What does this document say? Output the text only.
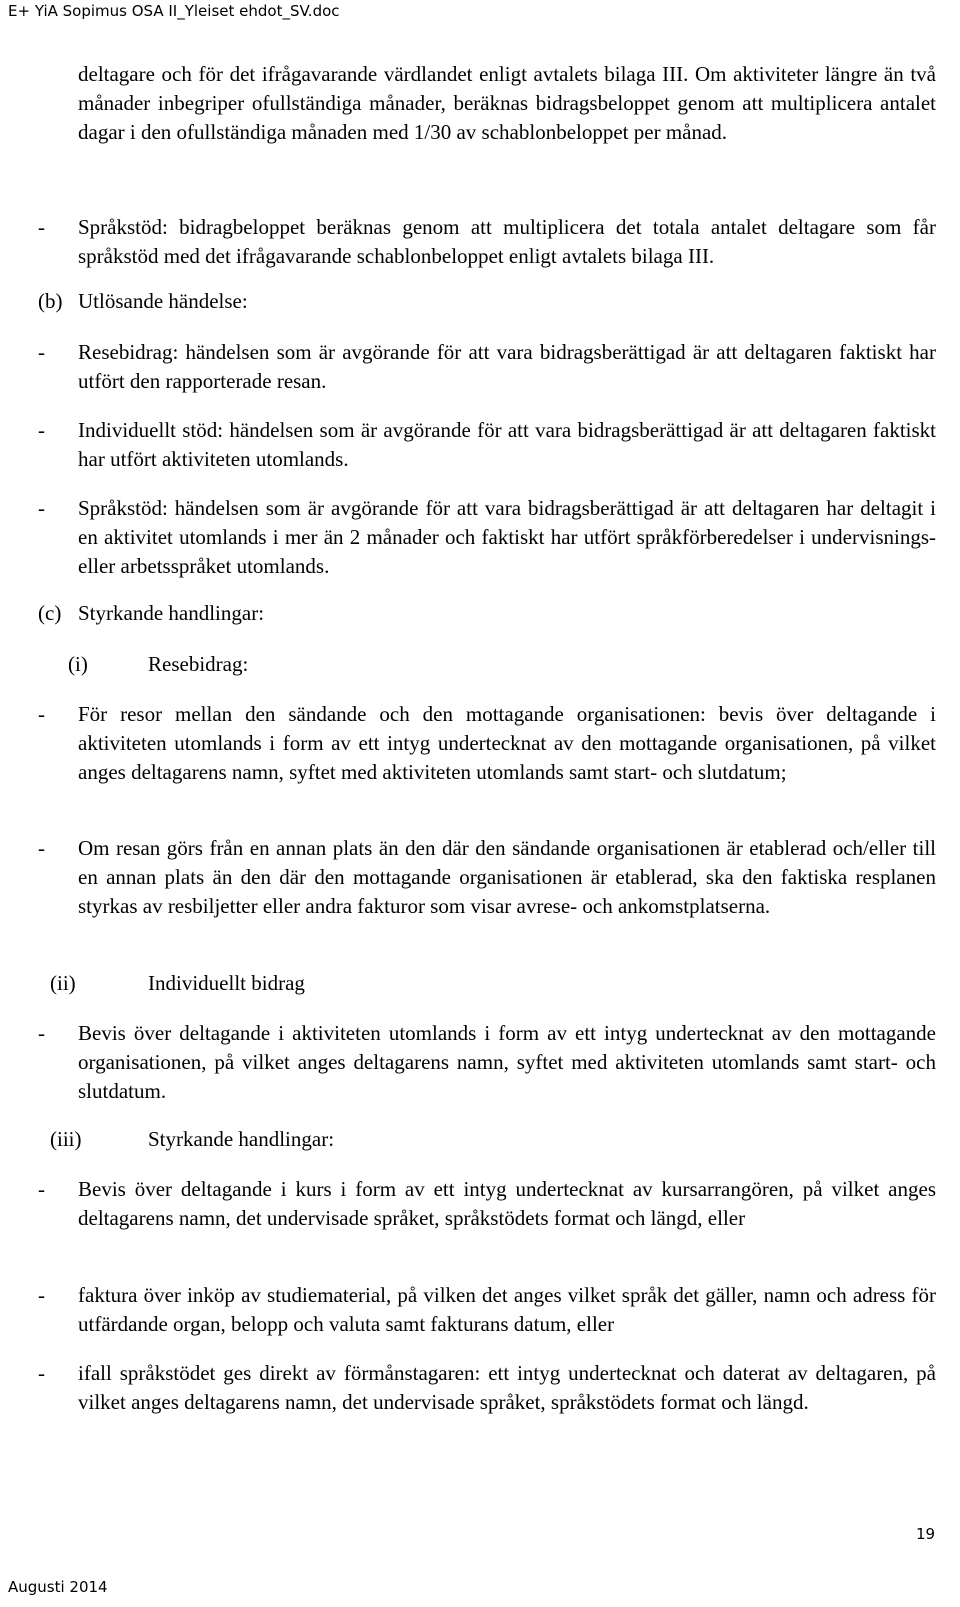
E+ YiA Sopimus OSA II_Yleiset ehdot_SV.doc
deltagare och för det ifrågavarande värdlandet enligt avtalets bilaga III. Om aktiviteter längre än två månader inbegriper ofullständiga månader, beräknas bidragsbeloppet genom att multiplicera antalet dagar i den ofullständiga månaden med 1/30 av schablonbeloppet per månad.
- Språkstöd: bidragbeloppet beräknas genom att multiplicera det totala antalet deltagare som får språkstöd med det ifrågavarande schablonbeloppet enligt avtalets bilaga III.
(b) Utlösande händelse:
- Resebidrag: händelsen som är avgörande för att vara bidragsberättigad är att deltagaren faktiskt har utfört den rapporterade resan.
- Individuellt stöd: händelsen som är avgörande för att vara bidragsberättigad är att deltagaren faktiskt har utfört aktiviteten utomlands.
- Språkstöd: händelsen som är avgörande för att vara bidragsberättigad är att deltagaren har deltagit i en aktivitet utomlands i mer än 2 månader och faktiskt har utfört språkförberedelser i undervisnings- eller arbetsspråket utomlands.
(c) Styrkande handlingar:
(i)	Resebidrag:
- För resor mellan den sändande och den mottagande organisationen: bevis över deltagande i aktiviteten utomlands i form av ett intyg undertecknat av den mottagande organisationen, på vilket anges deltagarens namn, syftet med aktiviteten utomlands samt start- och slutdatum;
- Om resan görs från en annan plats än den där den sändande organisationen är etablerad och/eller till en annan plats än den där den mottagande organisationen är etablerad, ska den faktiska resplanen styrkas av resbiljetter eller andra fakturor som visar avrese- och ankomstplatserna.
(ii)	Individuellt bidrag
- Bevis över deltagande i aktiviteten utomlands i form av ett intyg undertecknat av den mottagande organisationen, på vilket anges deltagarens namn, syftet med aktiviteten utomlands samt start- och slutdatum.
(iii)	Styrkande handlingar:
- Bevis över deltagande i kurs i form av ett intyg undertecknat av kursarrangören, på vilket anges deltagarens namn, det undervisade språket, språkstödets format och längd, eller
- faktura över inköp av studiematerial, på vilken det anges vilket språk det gäller, namn och adress för utfärdande organ, belopp och valuta samt fakturans datum, eller
- ifall språkstödet ges direkt av förmånstagaren: ett intyg undertecknat och daterat av deltagaren, på vilket anges deltagarens namn, det undervisade språket, språkstödets format och längd.
19
Augusti 2014
